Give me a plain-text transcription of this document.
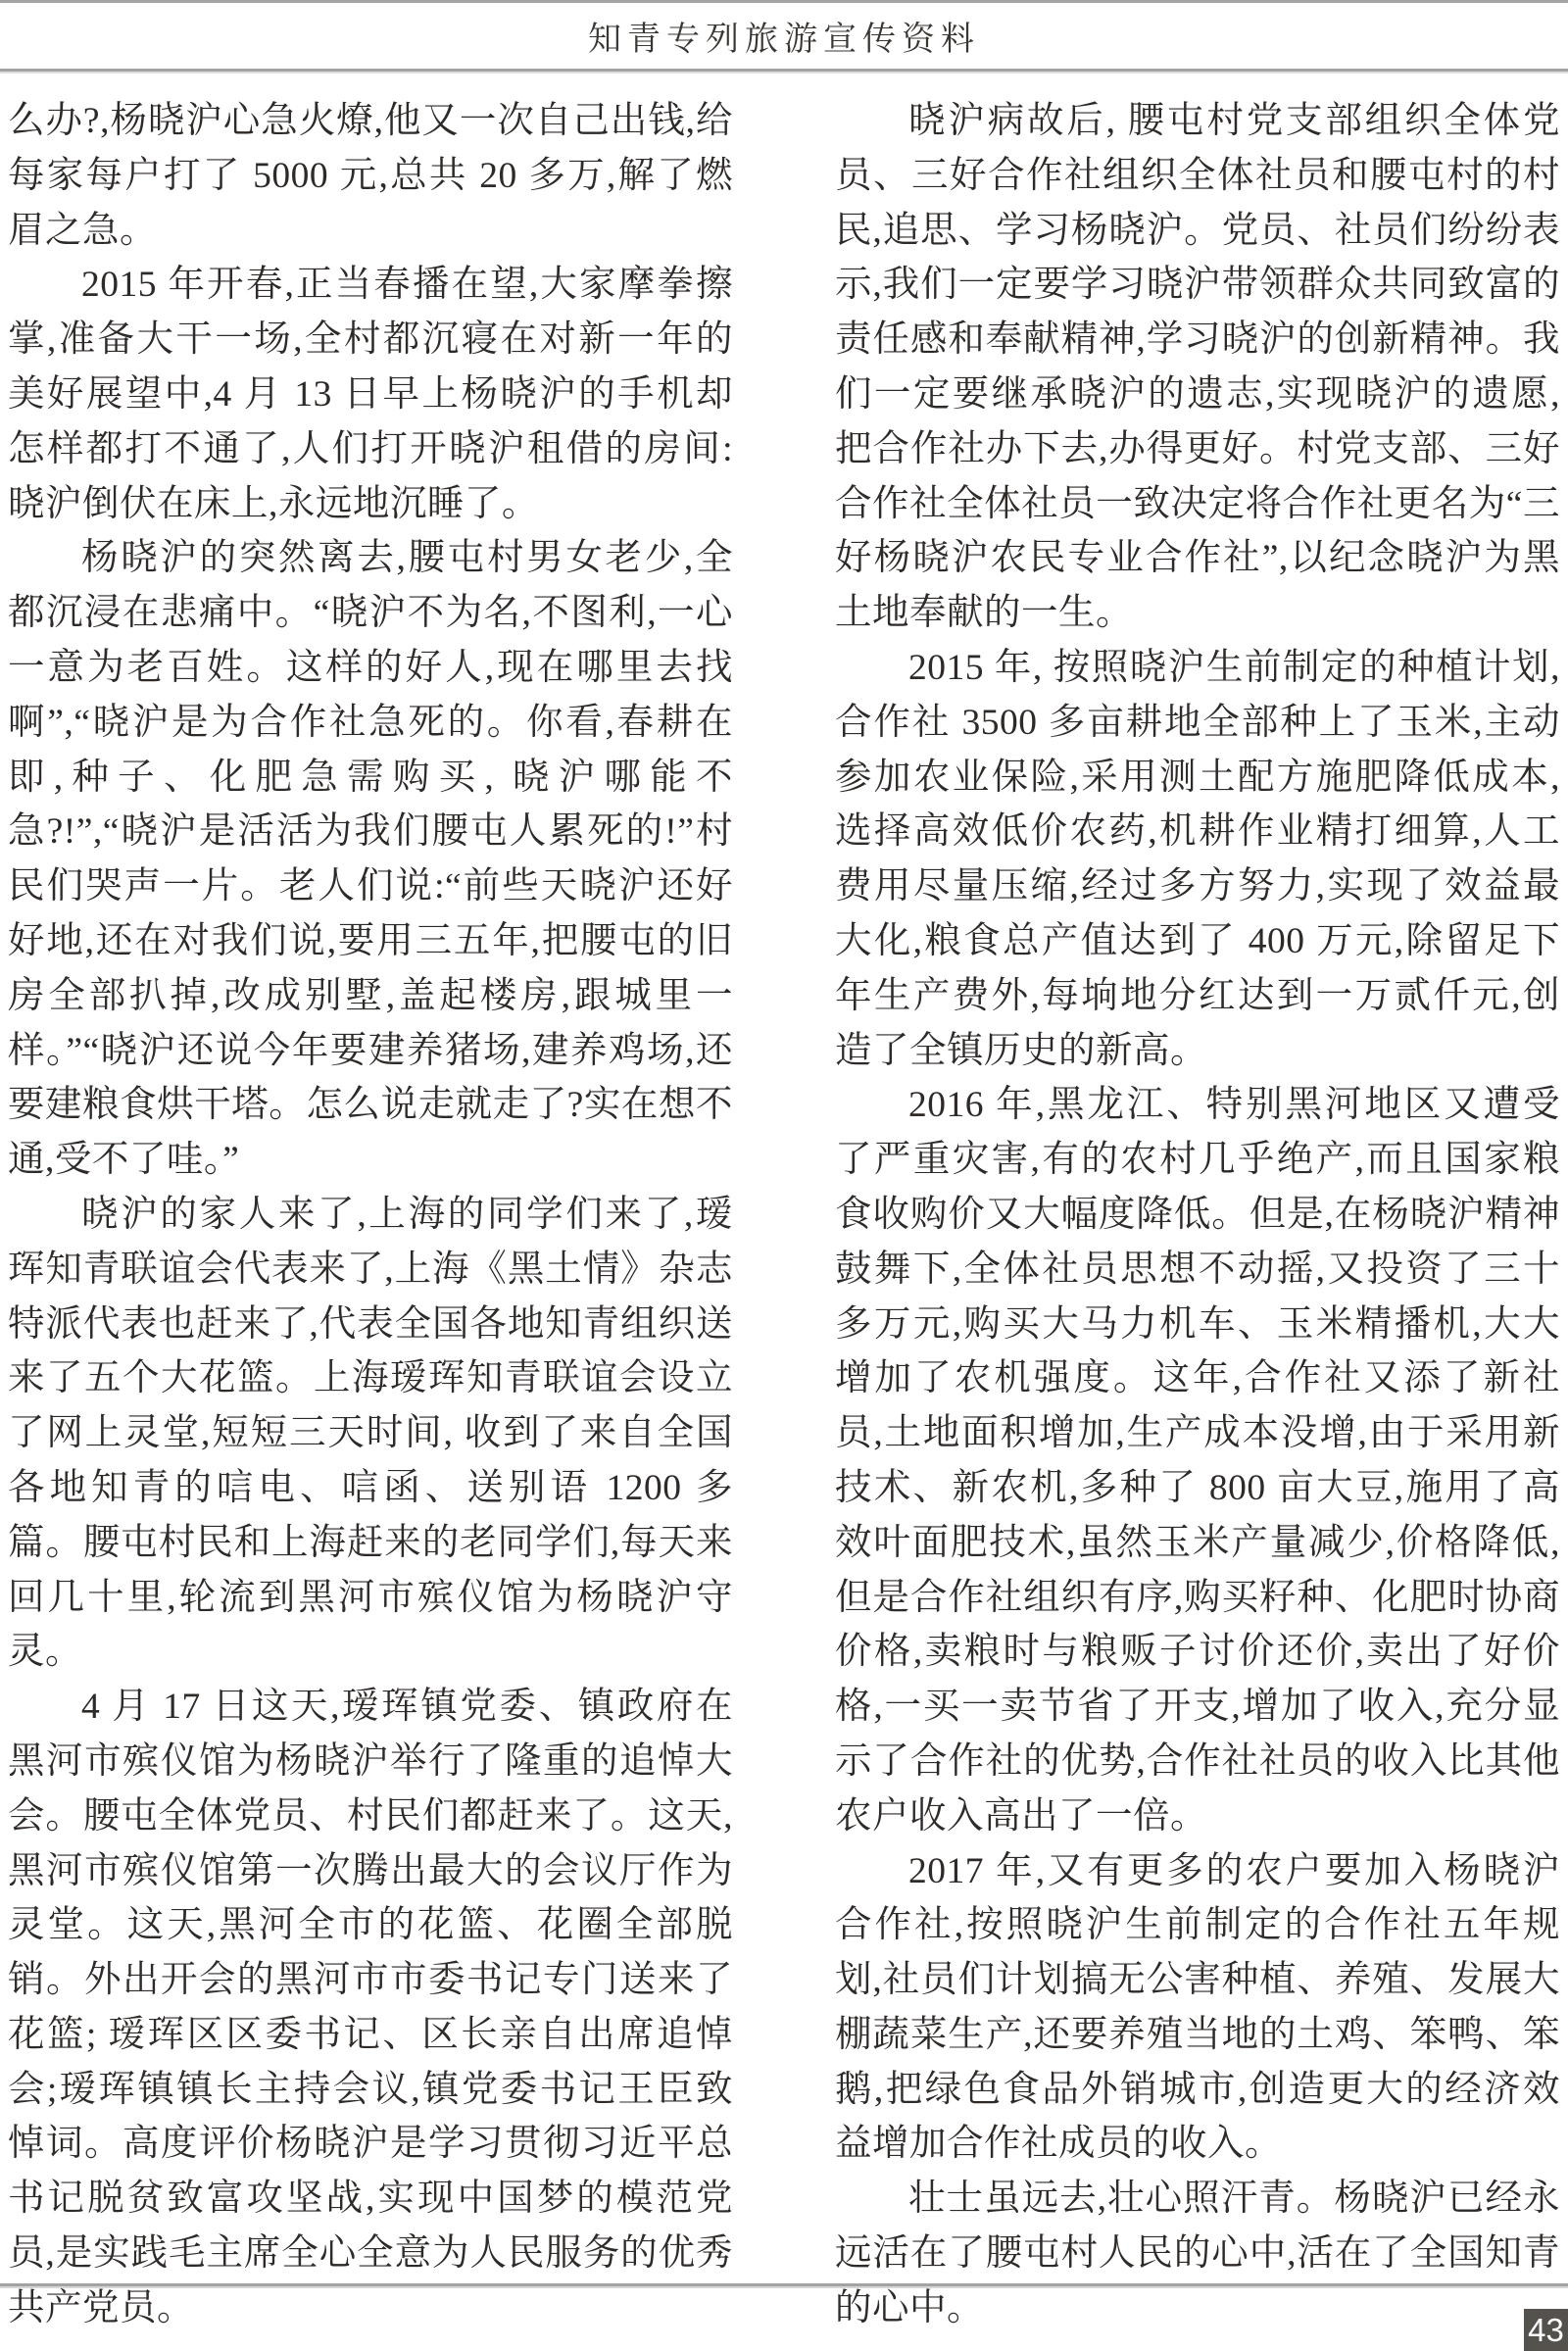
知青专列旅游宣传资料

么办?,杨晓沪心急火燎,他又一次自己出钱,给每家每户打了 5000 元,总共 20 多万,解了燃眉之急。

2015 年开春,正当春播在望,大家摩拳擦掌,准备大干一场,全村都沉寝在对新一年的美好展望中,4 月 13 日早上杨晓沪的手机却怎样都打不通了,人们打开晓沪租借的房间:晓沪倒伏在床上,永远地沉睡了。

杨晓沪的突然离去,腰屯村男女老少,全都沉浸在悲痛中。“晓沪不为名,不图利,一心一意为老百姓。这样的好人,现在哪里去找啊”,“晓沪是为合作社急死的。你看,春耕在即,种子、化肥急需购买, 晓沪哪能不急?!”,“晓沪是活活为我们腰屯人累死的!”村民们哭声一片。老人们说:“前些天晓沪还好好地,还在对我们说,要用三五年,把腰屯的旧房全部扒掉,改成别墅,盖起楼房,跟城里一样。”“晓沪还说今年要建养猪场,建养鸡场,还要建粮食烘干塔。怎么说走就走了?实在想不通,受不了哇。”

晓沪的家人来了,上海的同学们来了,瑷珲知青联谊会代表来了,上海《黑土情》杂志特派代表也赶来了,代表全国各地知青组织送来了五个大花篮。上海瑷珲知青联谊会设立了网上灵堂,短短三天时间, 收到了来自全国各地知青的唁电、唁函、送别语 1200 多篇。腰屯村民和上海赶来的老同学们,每天来回几十里,轮流到黑河市殡仪馆为杨晓沪守灵。

4 月 17 日这天,瑷珲镇党委、镇政府在黑河市殡仪馆为杨晓沪举行了隆重的追悼大会。腰屯全体党员、村民们都赶来了。这天,黑河市殡仪馆第一次腾出最大的会议厅作为灵堂。这天,黑河全市的花篮、花圈全部脱销。外出开会的黑河市市委书记专门送来了花篮; 瑷珲区区委书记、区长亲自出席追悼会;瑷珲镇镇长主持会议,镇党委书记王臣致悼词。高度评价杨晓沪是学习贯彻习近平总书记脱贫致富攻坚战,实现中国梦的模范党员,是实践毛主席全心全意为人民服务的优秀共产党员。

晓沪病故后, 腰屯村党支部组织全体党员、三好合作社组织全体社员和腰屯村的村民,追思、学习杨晓沪。党员、社员们纷纷表示,我们一定要学习晓沪带领群众共同致富的责任感和奉献精神,学习晓沪的创新精神。我们一定要继承晓沪的遗志,实现晓沪的遗愿,把合作社办下去,办得更好。村党支部、三好合作社全体社员一致决定将合作社更名为“三好杨晓沪农民专业合作社”,以纪念晓沪为黑土地奉献的一生。

2015 年, 按照晓沪生前制定的种植计划,合作社 3500 多亩耕地全部种上了玉米,主动参加农业保险,采用测土配方施肥降低成本,选择高效低价农药,机耕作业精打细算,人工费用尽量压缩,经过多方努力,实现了效益最大化,粮食总产值达到了 400 万元,除留足下年生产费外,每垧地分红达到一万贰仟元,创造了全镇历史的新高。

2016 年,黑龙江、特别黑河地区又遭受了严重灾害,有的农村几乎绝产,而且国家粮食收购价又大幅度降低。但是,在杨晓沪精神鼓舞下,全体社员思想不动摇,又投资了三十多万元,购买大马力机车、玉米精播机,大大增加了农机强度。这年,合作社又添了新社员,土地面积增加,生产成本没增,由于采用新技术、新农机,多种了 800 亩大豆,施用了高效叶面肥技术,虽然玉米产量减少,价格降低,但是合作社组织有序,购买籽种、化肥时协商价格,卖粮时与粮贩子讨价还价,卖出了好价格,一买一卖节省了开支,增加了收入,充分显示了合作社的优势,合作社社员的收入比其他农户收入高出了一倍。

2017 年,又有更多的农户要加入杨晓沪合作社,按照晓沪生前制定的合作社五年规划,社员们计划搞无公害种植、养殖、发展大棚蔬菜生产,还要养殖当地的土鸡、笨鸭、笨鹅,把绿色食品外销城市,创造更大的经济效益增加合作社成员的收入。

壮士虽远去,壮心照汗青。杨晓沪已经永远活在了腰屯村人民的心中,活在了全国知青的心中。

43
